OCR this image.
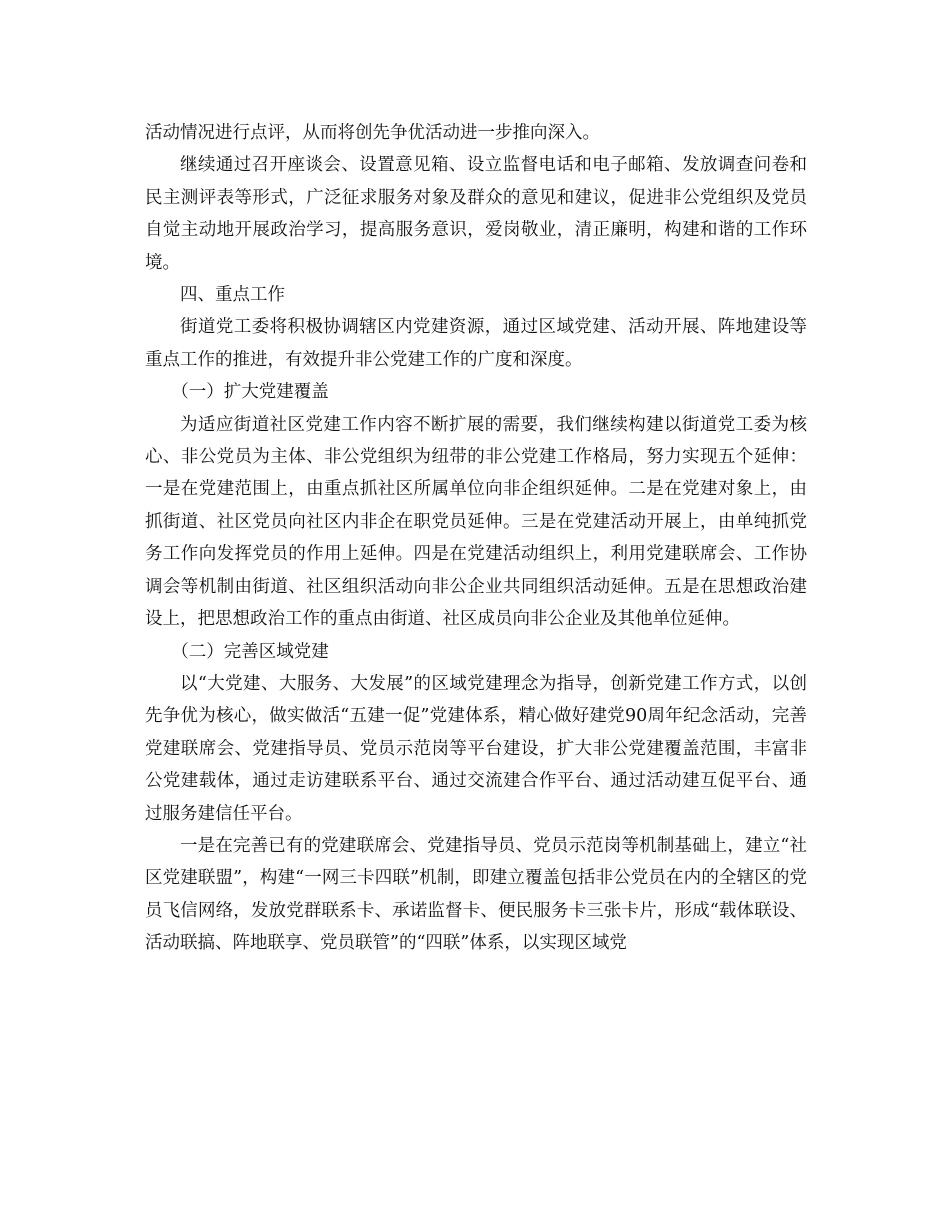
活动情况进行点评，从而将创先争优活动进一步推向深入。

继续通过召开座谈会、设置意见箱、设立监督电话和电子邮箱、发放调查问卷和民主测评表等形式，广泛征求服务对象及群众的意见和建议，促进非公党组织及党员自觉主动地开展政治学习，提高服务意识，爱岗敬业，清正廉明，构建和谐的工作环境。

四、重点工作

街道党工委将积极协调辖区内党建资源，通过区域党建、活动开展、阵地建设等重点工作的推进，有效提升非公党建工作的广度和深度。

（一）扩大党建覆盖

为适应街道社区党建工作内容不断扩展的需要，我们继续构建以街道党工委为核心、非公党员为主体、非公党组织为纽带的非公党建工作格局，努力实现五个延伸：一是在党建范围上，由重点抓社区所属单位向非企组织延伸。二是在党建对象上，由抓街道、社区党员向社区内非企在职党员延伸。三是在党建活动开展上，由单纯抓党务工作向发挥党员的作用上延伸。四是在党建活动组织上，利用党建联席会、工作协调会等机制由街道、社区组织活动向非公企业共同组织活动延伸。五是在思想政治建设上，把思想政治工作的重点由街道、社区成员向非公企业及其他单位延伸。

（二）完善区域党建

以“大党建、大服务、大发展”的区域党建理念为指导，创新党建工作方式，以创先争优为核心，做实做活“五建一促”党建体系，精心做好建党90周年纪念活动，完善党建联席会、党建指导员、党员示范岗等平台建设，扩大非公党建覆盖范围，丰富非公党建载体，通过走访建联系平台、通过交流建合作平台、通过活动建互促平台、通过服务建信任平台。

一是在完善已有的党建联席会、党建指导员、党员示范岗等机制基础上，建立“社区党建联盟”，构建“一网三卡四联”机制，即建立覆盖包括非公党员在内的全辖区的党员飞信网络，发放党群联系卡、承诺监督卡、便民服务卡三张卡片，形成“载体联设、活动联搞、阵地联享、党员联管”的“四联”体系，以实现区域党
